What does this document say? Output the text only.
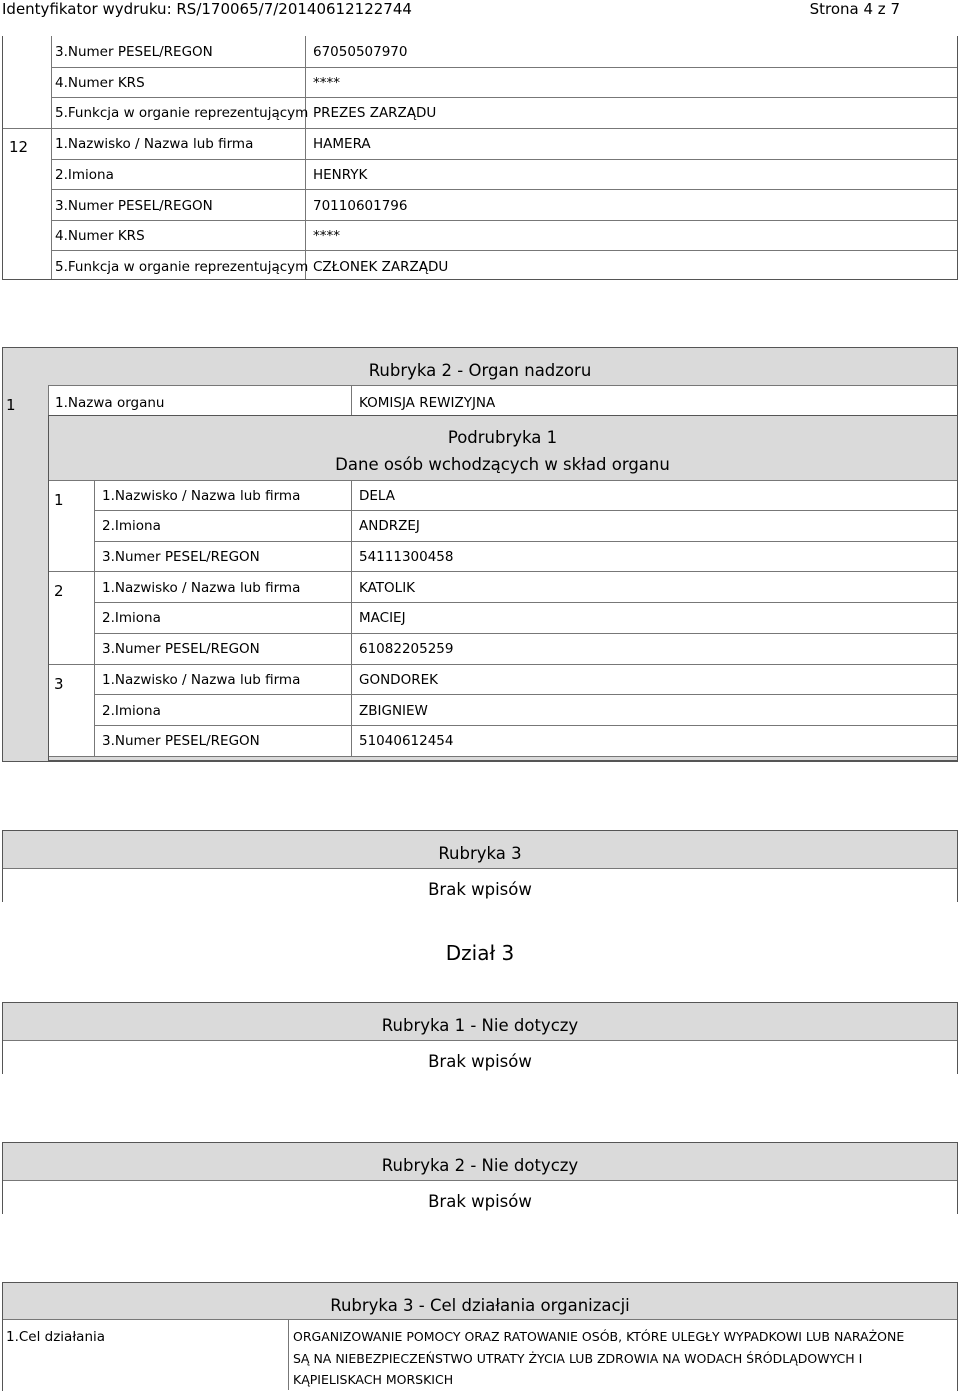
Identyfikator wydruku: RS/170065/7/20140612122744	Strona 4 z 7
3.Numer PESEL/REGON	67050507970
4.Numer KRS	****
5.Funkcja w organie reprezentującym PREZES ZARZĄDU
12 1.Nazwisko / Nazwa lub firma	HAMERA
2.Imiona	HENRYK
3.Numer PESEL/REGON	70110601796
4.Numer KRS	****
5.Funkcja w organie reprezentującym CZŁONEK ZARZĄDU
Rubryka 2 - Organ nadzoru
1	1.Nazwa organu	KOMISJA REWIZYJNA
Podrubryka 1
Dane osób wchodzących w skład organu
1	1.Nazwisko / Nazwa lub firma	DELA
2.Imiona	ANDRZEJ
3.Numer PESEL/REGON	54111300458
2	1.Nazwisko / Nazwa lub firma	KATOLIK
2.Imiona	MACIEJ
3.Numer PESEL/REGON	61082205259
3	1.Nazwisko / Nazwa lub firma	GONDOREK
2.Imiona	ZBIGNIEW
3.Numer PESEL/REGON	51040612454
Rubryka 3
Brak wpisów
Dział 3
Rubryka 1 - Nie dotyczy
Brak wpisów
Rubryka 2 - Nie dotyczy
Brak wpisów
Rubryka 3 - Cel działania organizacji
1.Cel działania	ORGANIZOWANIE POMOCY ORAZ RATOWANIE OSÓB, KTÓRE ULEGŁY WYPADKOWI LUB NARAŻONE
SĄ NA NIEBEZPIECZEŃSTWO UTRATY ŻYCIA LUB ZDROWIA NA WODACH ŚRÓDLĄDOWYCH I
KĄPIELISKACH MORSKICH
